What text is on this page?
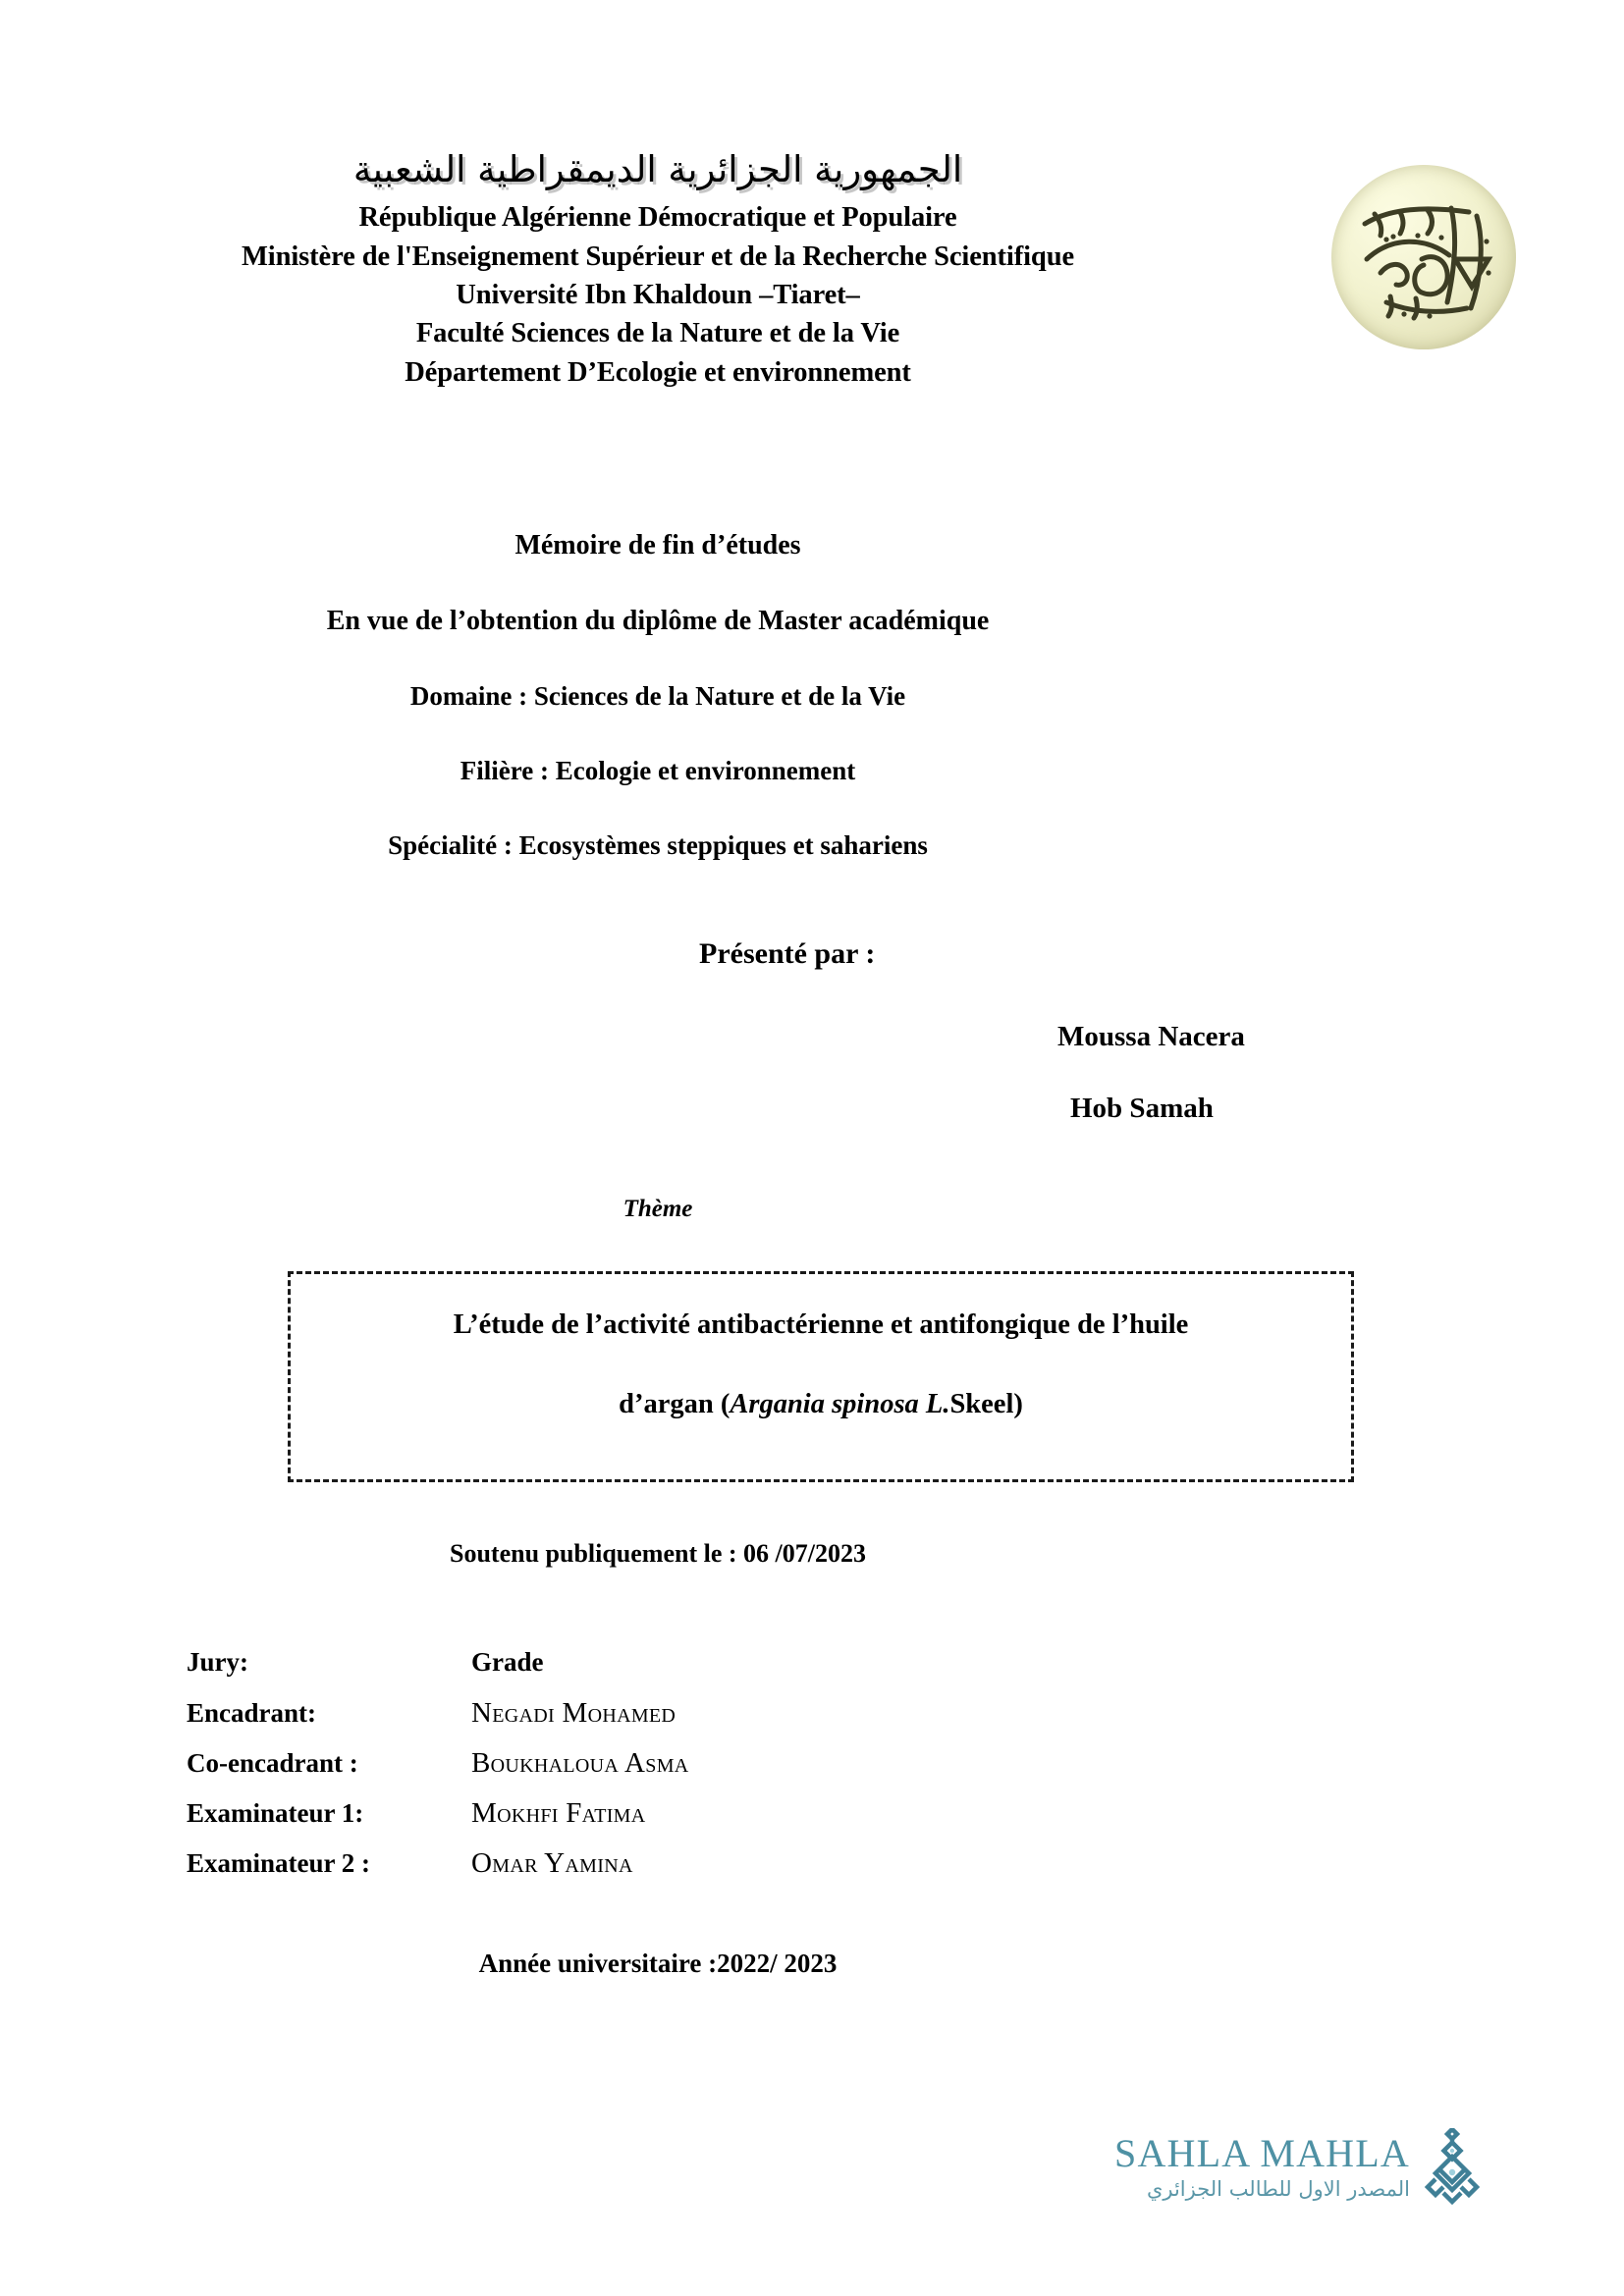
الجمهورية الجزائرية الديمقراطية الشعبية
République Algérienne Démocratique et Populaire
Ministère de l'Enseignement Supérieur et de la Recherche Scientifique
Université Ibn Khaldoun –Tiaret–
Faculté Sciences de la Nature et de la Vie
Département D’Ecologie et environnement
Mémoire de fin d’études
En vue de l’obtention du diplôme de Master académique
Domaine : Sciences de la Nature et de la Vie
Filière : Ecologie et environnement
Spécialité : Ecosystèmes steppiques et sahariens
Présenté par :
Moussa Nacera
Hob Samah
Thème
L’étude de l’activité antibactérienne et antifongique de l’huile
d’argan (Argania spinosa L.Skeel)
Soutenu publiquement le : 06 /07/2023
Jury:	Grade
Encadrant:	Negadi Mohamed
Co-encadrant :	Boukhaloua Asma
Examinateur 1:	Mokhfi Fatima
Examinateur 2 :	Omar Yamina
Année universitaire :2022/ 2023
SAHLA MAHLA
المصدر الاول للطالب الجزائري
